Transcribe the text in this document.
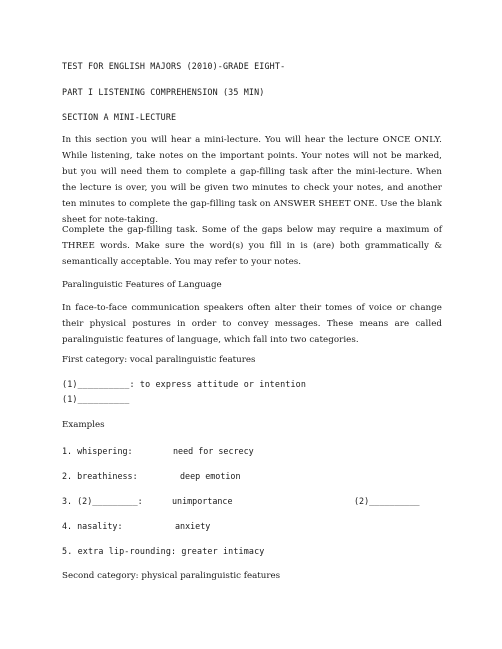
TEST FOR ENGLISH MAJORS (2010)-GRADE EIGHT-

PART I LISTENING COMPREHENSION (35 MIN)

SECTION A MINI-LECTURE

In this section you will hear a mini-lecture. You will hear the lecture ONCE ONLY. While listening, take notes on the important points. Your notes will not be marked, but you will need them to complete a gap-filling task after the mini-lecture. When the lecture is over, you will be given two minutes to check your notes, and another ten minutes to complete the gap-filling task on ANSWER SHEET ONE. Use the blank sheet for note-taking.

Complete the gap-filling task. Some of the gaps below may require a maximum of THREE words. Make sure the word(s) you fill in is (are) both grammatically & semantically acceptable. You may refer to your notes.

Paralinguistic Features of Language

In face-to-face communication speakers often alter their tomes of voice or change their physical postures in order to convey messages. These means are called paralinguistic features of language, which fall into two categories.

First category: vocal paralinguistic features

(1)__________: to express attitude or intention

(1)__________

Examples

1. whispering:	need for secrecy
2. breathiness:	deep emotion
3. (2)_________:	unimportance	(2)__________
4. nasality:	anxiety

5. extra lip-rounding: greater intimacy

Second category: physical paralinguistic features
